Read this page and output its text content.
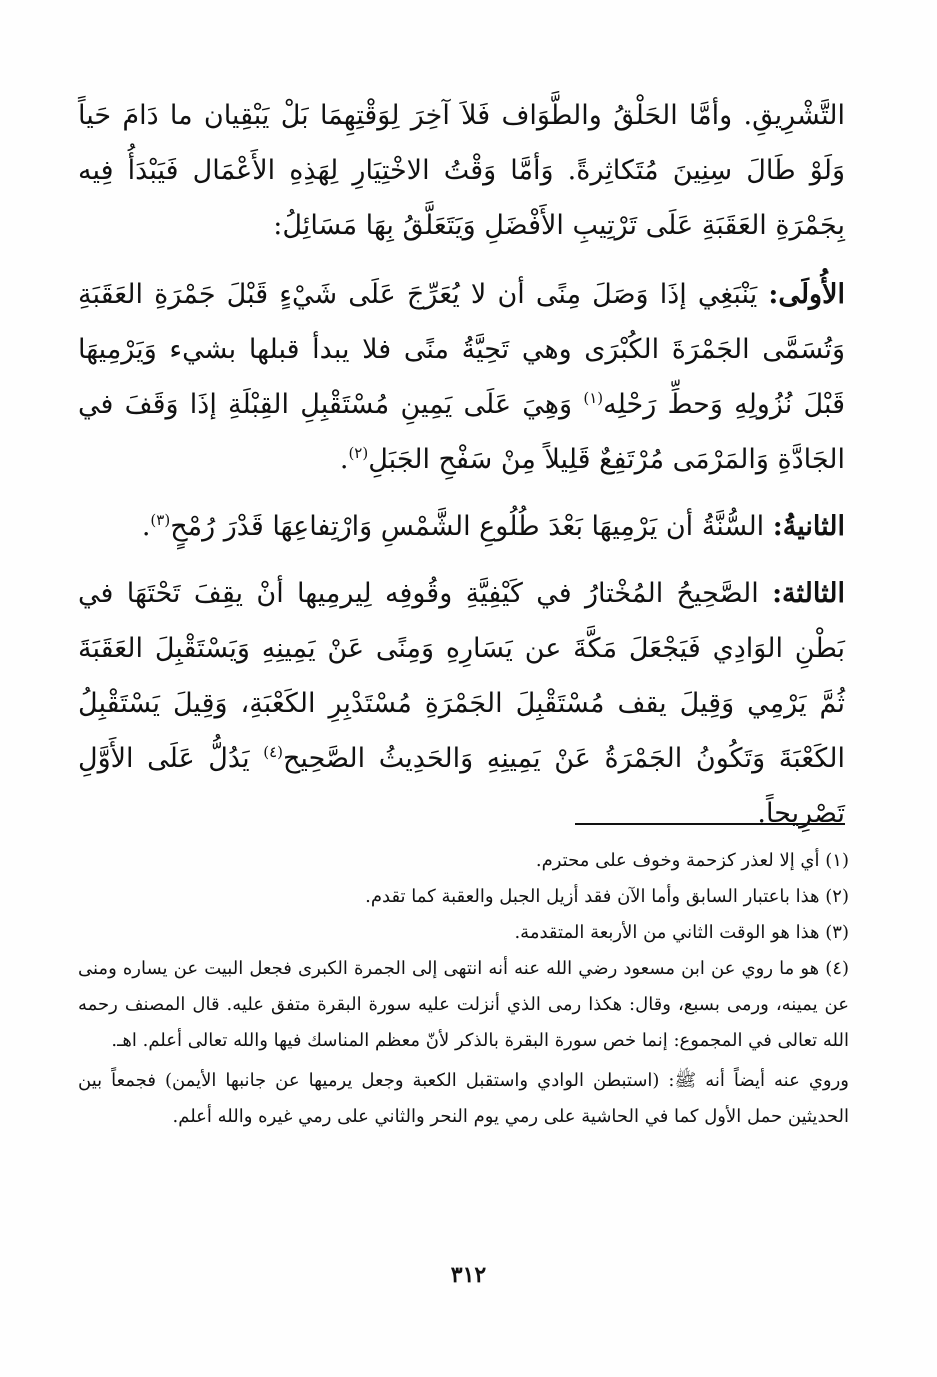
التَّشْرِيقِ. وأمَّا الحَلْقُ والطَّوَاف فَلاَ آخِرَ لِوَقْتِهِمَا بَلْ يَبْقِيان ما دَامَ حَياً وَلَوْ طَالَ سِنِينَ مُتَكاثِرةً. وَأمَّا وَقْتُ الاخْتِيَارِ لِهَذِهِ الأَعْمَال فَيَبْدَأُ فِيه بِجَمْرَةِ العَقَبَةِ عَلَى تَرْتِيبِ الأَفْضَلِ وَيَتَعَلَّقُ بِهَا مَسَائِلُ:

الأُولَى: يَنْبَغِي إذَا وَصَلَ مِنًى أن لا يُعَرِّجَ عَلَى شَيْءٍ قَبْلَ جَمْرَةِ العَقَبَةِ وَتُسَمَّى الجَمْرَةَ الكُبْرَى وهي تَحِيَّةُ منًى فلا يبدأ قبلها بشيء وَيَرْمِيهَا قَبْلَ نُزُولِهِ وَحطِّ رَحْلِه$^{(١)}$ وَهِيَ عَلَى يَمِينِ مُسْتَقْبِلِ القِبْلَةِ إذَا وَقَفَ في الجَادَّةِ وَالمَرْمَى مُرْتَفِعٌ قَلِيلاً مِنْ سَفْحِ الجَبَلِ$^{(٢)}$.

الثانيةُ: السُّنَّةُ أن يَرْمِيهَا بَعْدَ طُلُوعِ الشَّمْسِ وَارْتِفاعِهَا قَدْرَ رُمْحٍ$^{(٣)}$.

الثالثة: الصَّحِيحُ المُخْتارُ في كَيْفِيَّةِ وقُوفِه لِيرمِيها أنْ يقِفَ تَحْتَهَا في بَطْنِ الوَادِي فَيَجْعَلَ مَكَّةَ عن يَسَارِهِ وَمِنًى عَنْ يَمِينِهِ وَيَسْتَقْبِلَ العَقَبَةَ ثُمَّ يَرْمِي وَقِيلَ يقف مُسْتَقْبِلَ الجَمْرَةِ مُسْتَدْبِرِ الكَعْبَةِ، وَقِيلَ يَسْتَقْبِلُ الكَعْبَةَ وَتَكُونُ الجَمْرَةُ عَنْ يَمِينِهِ وَالحَدِيثُ الصَّحِيح$^{(٤)}$ يَدُلُّ عَلَى الأَوَّلِ تَصْرِيحاً.

(١) أي إلا لعذر كزحمة وخوف على محترم.

(٢) هذا باعتبار السابق وأما الآن فقد أزيل الجبل والعقبة كما تقدم.

(٣) هذا هو الوقت الثاني من الأربعة المتقدمة.

(٤) هو ما روي عن ابن مسعود رضي الله عنه أنه انتهى إلى الجمرة الكبرى فجعل البيت عن يساره ومنى عن يمينه، ورمى بسبع، وقال: هكذا رمى الذي أنزلت عليه سورة البقرة متفق عليه. قال المصنف رحمه الله تعالى في المجموع: إنما خص سورة البقرة بالذكر لأنّ معظم المناسك فيها والله تعالى أعلم. اهـ.

وروي عنه أيضاً أنه ﷺ: (استبطن الوادي واستقبل الكعبة وجعل يرميها عن جانبها الأيمن) فجمعاً بين الحديثين حمل الأول كما في الحاشية على رمي يوم النحر والثاني على رمي غيره والله أعلم.

٣١٢
